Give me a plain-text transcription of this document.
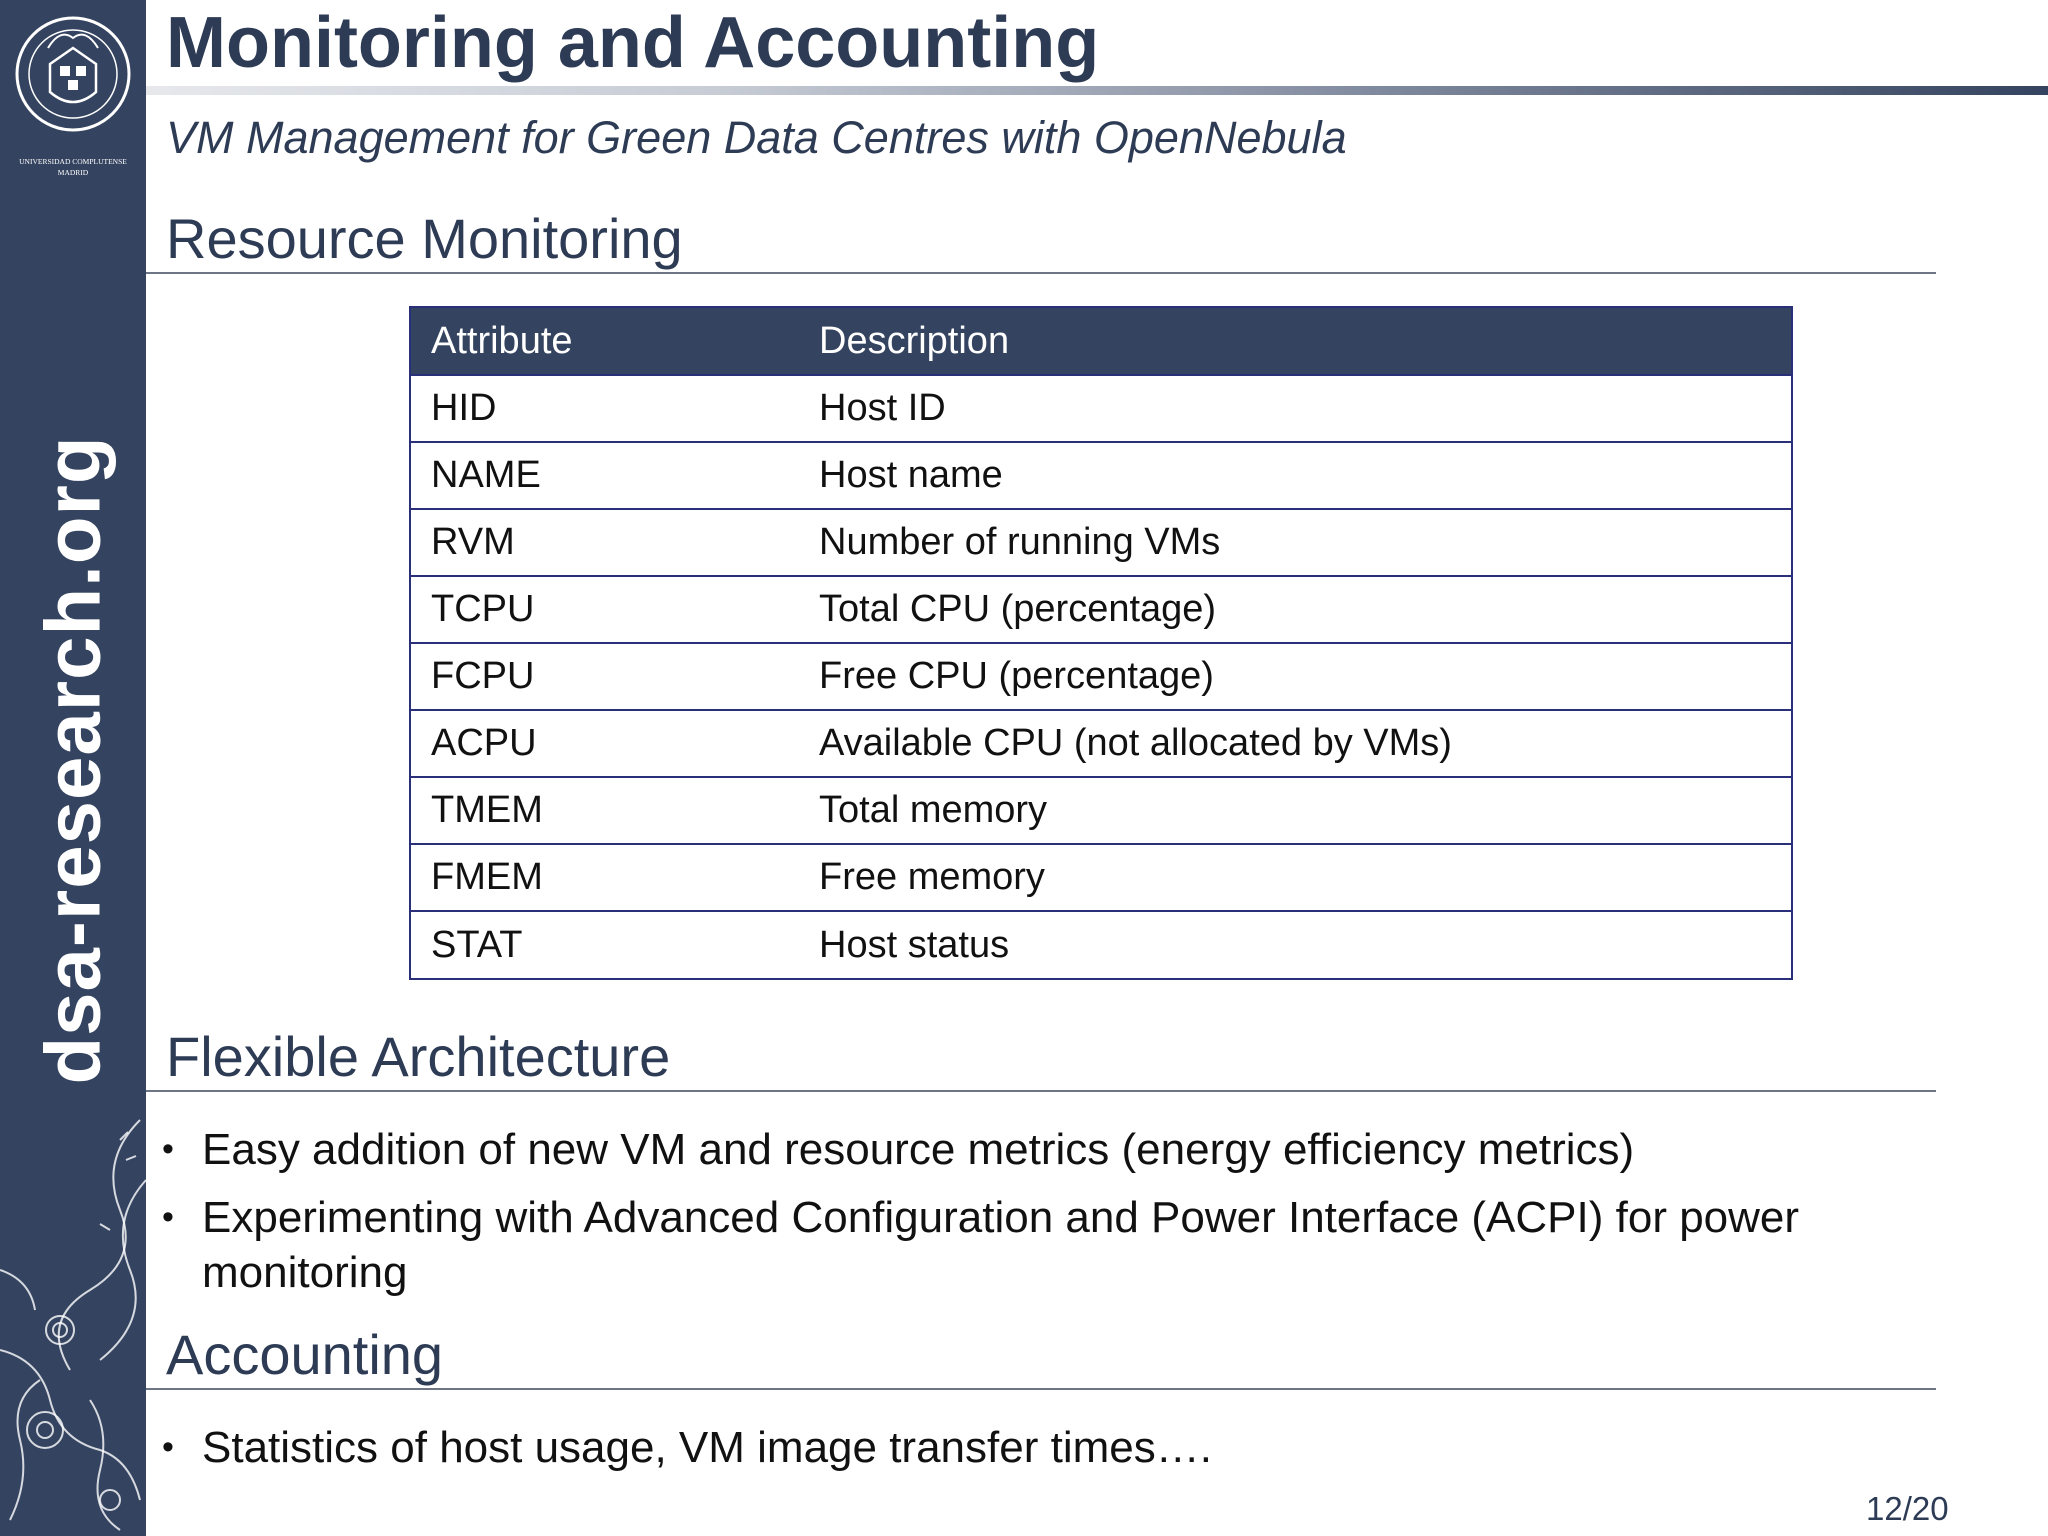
UNIVERSIDAD COMPLUTENSE
MADRID
dsa-research.org
Monitoring and Accounting
VM Management for Green Data Centres with OpenNebula
Resource Monitoring
Attribute	Description
HID	Host ID
NAME	Host name
RVM	Number of running VMs
TCPU	Total CPU (percentage)
FCPU	Free CPU (percentage)
ACPU	Available CPU (not allocated by VMs)
TMEM	Total memory
FMEM	Free memory
STAT	Host status
Flexible Architecture
• Easy addition of new VM and resource metrics (energy efficiency metrics)
• Experimenting with Advanced Configuration and Power Interface (ACPI) for power monitoring
Accounting
• Statistics of host usage, VM image transfer times….
12/20
